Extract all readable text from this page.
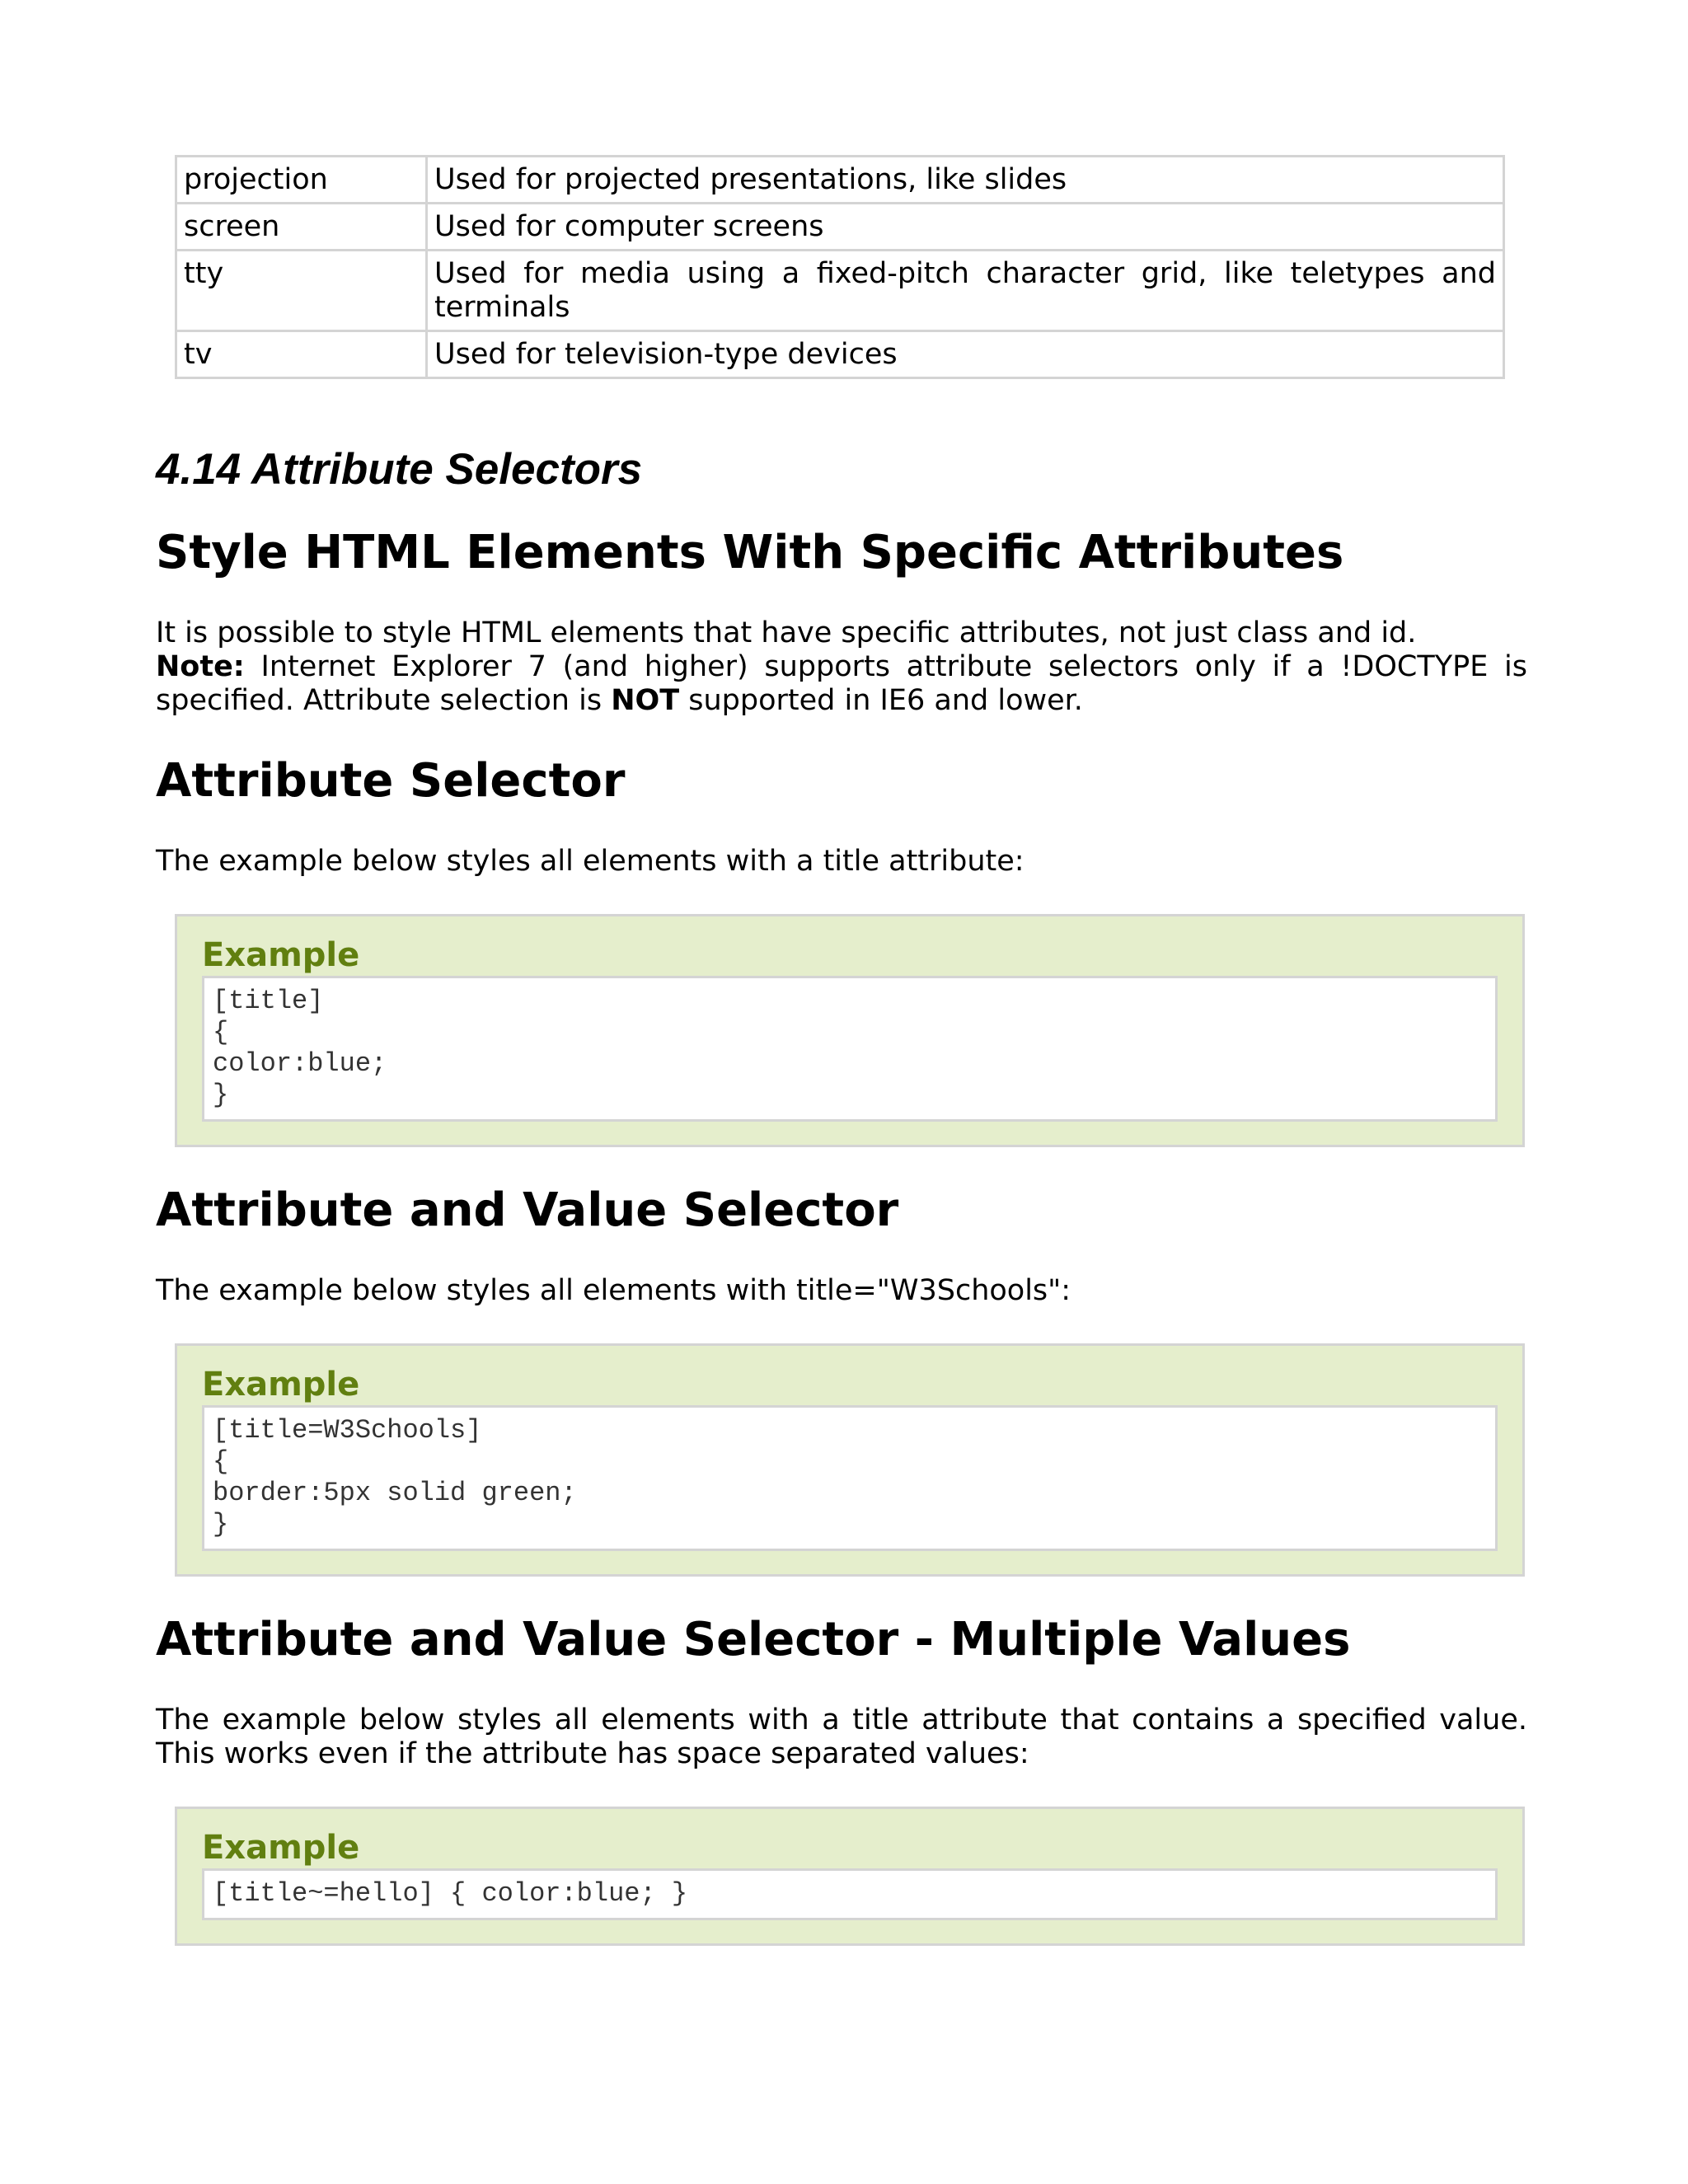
projection	Used for projected presentations, like slides
screen	Used for computer screens
tty	Used for media using a fixed-pitch character grid, like teletypes and terminals
tv	Used for television-type devices
4.14 Attribute Selectors
Style HTML Elements With Specific Attributes

It is possible to style HTML elements that have specific attributes, not just class and id.
Note: Internet Explorer 7 (and higher) supports attribute selectors only if a !DOCTYPE is specified. Attribute selection is NOT supported in IE6 and lower.

Attribute Selector

The example below styles all elements with a title attribute:

Example
[title]
{
color:blue;
}
Attribute and Value Selector

The example below styles all elements with title="W3Schools":

Example
[title=W3Schools]
{
border:5px solid green;
}
Attribute and Value Selector - Multiple Values

The example below styles all elements with a title attribute that contains a specified value. This works even if the attribute has space separated values:

Example
[title~=hello] { color:blue; }
